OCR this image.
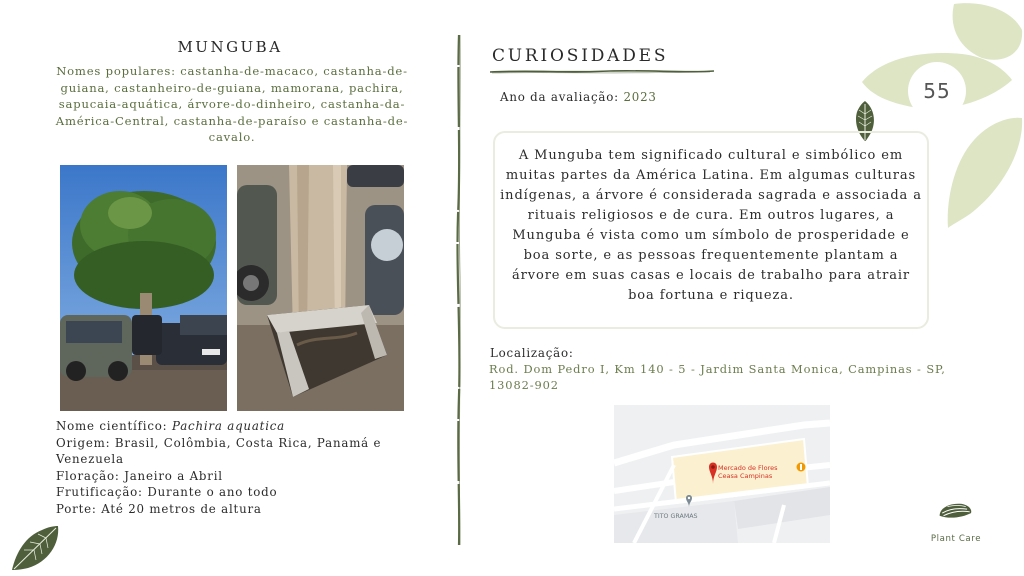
MUNGUBA
Nomes populares: castanha-de-macaco, castanha-de-guiana, castanheiro-de-guiana, mamorana, pachira, sapucaia-aquática, árvore-do-dinheiro, castanha-da-América-Central, castanha-de-paraíso e castanha-de-cavalo.
Nome científico: Pachira aquatica
Origem: Brasil, Colômbia, Costa Rica, Panamá e Venezuela
Floração: Janeiro a Abril
Frutificação: Durante o ano todo
Porte: Até 20 metros de altura
CURIOSIDADES
Ano da avaliação: 2023	55
A Munguba tem significado cultural e simbólico em muitas partes da América Latina. Em algumas culturas indígenas, a árvore é considerada sagrada e associada a rituais religiosos e de cura. Em outros lugares, a Munguba é vista como um símbolo de prosperidade e boa sorte, e as pessoas frequentemente plantam a árvore em suas casas e locais de trabalho para atrair boa fortuna e riqueza.
Localização:
Rod. Dom Pedro I, Km 140 - 5 - Jardim Santa Monica, Campinas - SP, 13082-902
Mercado de Flores Ceasa Campinas
TITO GRAMAS
Plant Care
